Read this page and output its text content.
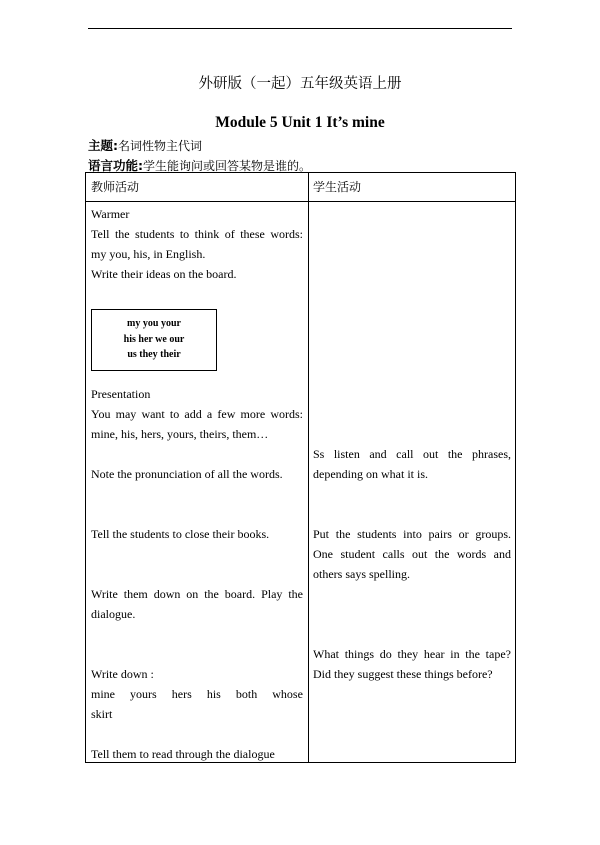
外研版（一起）五年级英语上册
Module 5 Unit 1 It’s mine
主题:名词性物主代词
语言功能:学生能询问或回答某物是谁的。
教师活动	学生活动
Warmer
Tell the students to think of these words:
my you, his, in English.
Write their ideas on the board.
my you your
his her we our
us they their
Presentation
You may want to add a few more words:
mine, his, hers, yours, theirs, them…
Note the pronunciation of all the words.
Tell the students to close their books.
Write them down on the board. Play the
dialogue.
Write down :
mine yours hers his both whose
skirt
Tell them to read through the dialogue
Ss listen and call out the phrases,
depending on what it is.
Put the students into pairs or groups.
One student calls out the words and
others says spelling.
What things do they hear in the tape?
Did they suggest these things before?
